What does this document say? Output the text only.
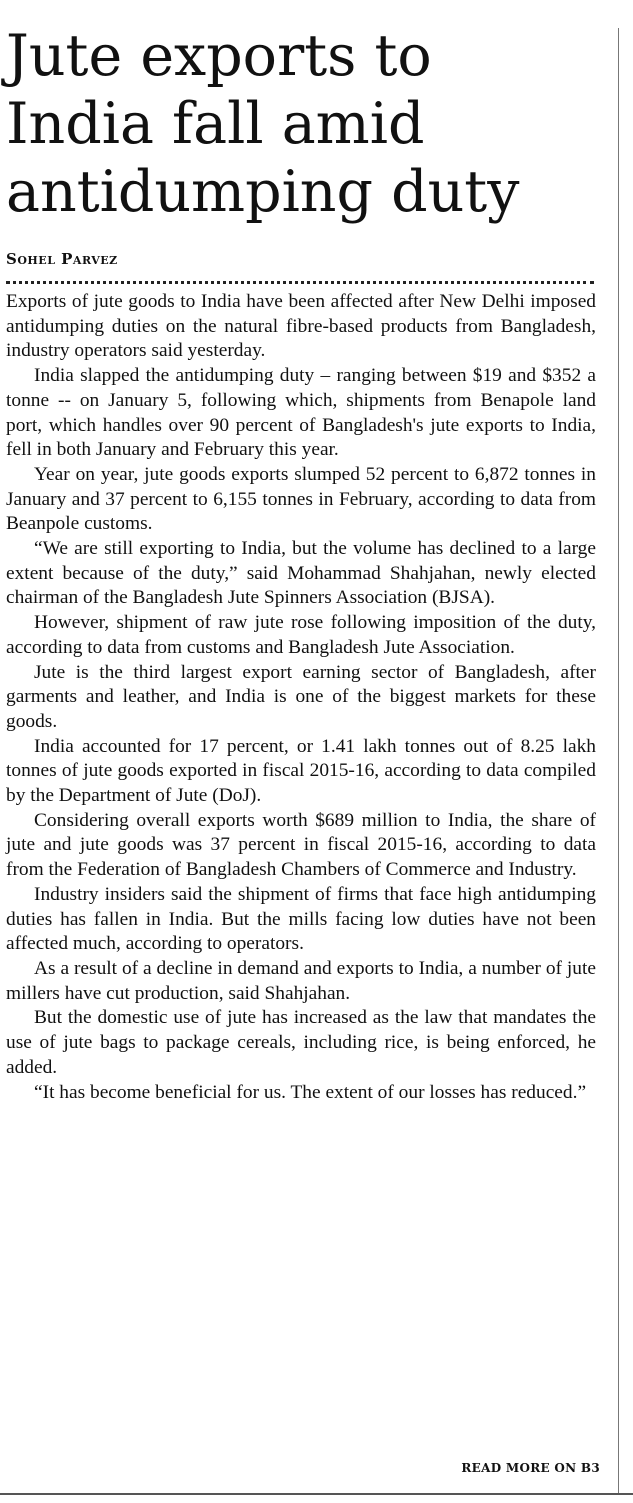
Jute exports to
India fall amid
antidumping duty
Sohel Parvez

Exports of jute goods to India have been affected after New Delhi imposed antidumping duties on the natural fibre-based products from Bangladesh, industry operators said yesterday.

India slapped the antidumping duty – ranging between $19 and $352 a tonne -- on January 5, following which, shipments from Benapole land port, which handles over 90 percent of Bangladesh's jute exports to India, fell in both January and February this year.

Year on year, jute goods exports slumped 52 percent to 6,872 tonnes in January and 37 percent to 6,155 tonnes in February, according to data from Beanpole customs.

“We are still exporting to India, but the volume has declined to a large extent because of the duty,” said Mohammad Shahjahan, newly elected chairman of the Bangladesh Jute Spinners Association (BJSA).

However, shipment of raw jute rose following imposition of the duty, according to data from customs and Bangladesh Jute Association.

Jute is the third largest export earning sector of Bangladesh, after garments and leather, and India is one of the biggest markets for these goods.

India accounted for 17 percent, or 1.41 lakh tonnes out of 8.25 lakh tonnes of jute goods exported in fiscal 2015-16, according to data compiled by the Department of Jute (DoJ).

Considering overall exports worth $689 million to India, the share of jute and jute goods was 37 percent in fiscal 2015-16, according to data from the Federation of Bangladesh Chambers of Commerce and Industry.

Industry insiders said the shipment of firms that face high antidumping duties has fallen in India. But the mills facing low duties have not been affected much, according to operators.

As a result of a decline in demand and exports to India, a number of jute millers have cut production, said Shahjahan.

But the domestic use of jute has increased as the law that mandates the use of jute bags to package cereals, including rice, is being enforced, he added.

“It has become beneficial for us. The extent of our losses has reduced.”

READ MORE ON B3
